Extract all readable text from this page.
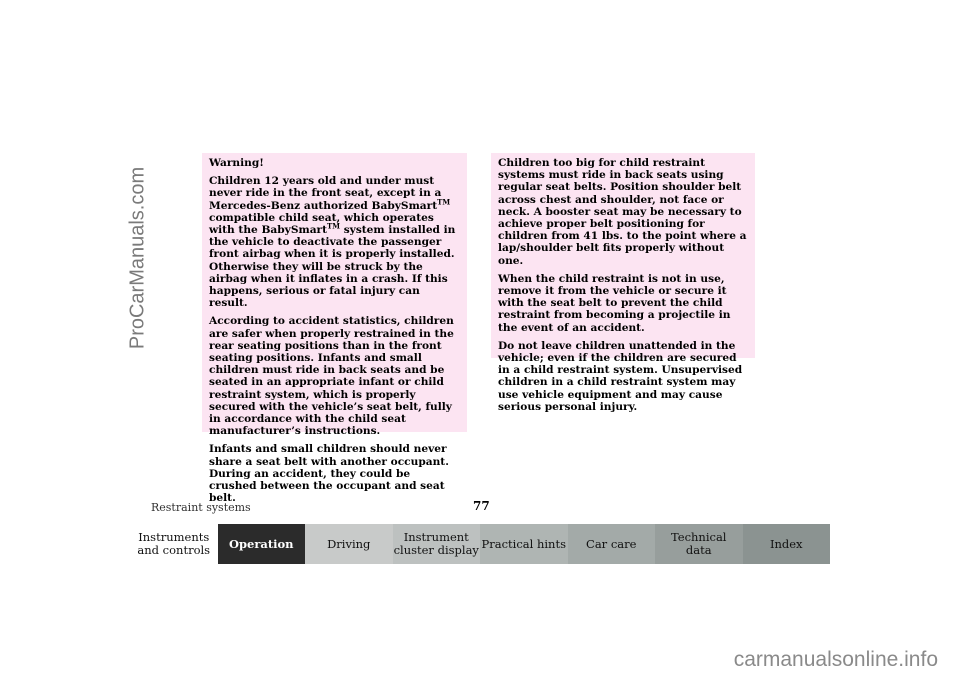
ProCarManuals.com

Warning!

Children 12 years old and under must never ride in the front seat, except in a Mercedes-Benz authorized BabySmart™ compatible child seat, which operates with the BabySmart™ system installed in the vehicle to deactivate the passenger front airbag when it is properly installed. Otherwise they will be struck by the airbag when it inflates in a crash. If this happens, serious or fatal injury can result.

According to accident statistics, children are safer when properly restrained in the rear seating positions than in the front seating positions. Infants and small children must ride in back seats and be seated in an appropriate infant or child restraint system, which is properly secured with the vehicle’s seat belt, fully in accordance with the child seat manufacturer’s instructions.

Infants and small children should never share a seat belt with another occupant. During an accident, they could be crushed between the occupant and seat belt.

Children too big for child restraint systems must ride in back seats using regular seat belts. Position shoulder belt across chest and shoulder, not face or neck. A booster seat may be necessary to achieve proper belt positioning for children from 41 lbs. to the point where a lap/shoulder belt fits properly without one.

When the child restraint is not in use, remove it from the vehicle or secure it with the seat belt to prevent the child restraint from becoming a projectile in the event of an accident.

Do not leave children unattended in the vehicle; even if the children are secured in a child restraint system. Unsupervised children in a child restraint system may use vehicle equipment and may cause serious personal injury.

Restraint systems	77
Instruments
and controls	Operation	Driving	Instrument
cluster display Practical hints	Car care	Technical
data	Index
carmanualsonline.info
